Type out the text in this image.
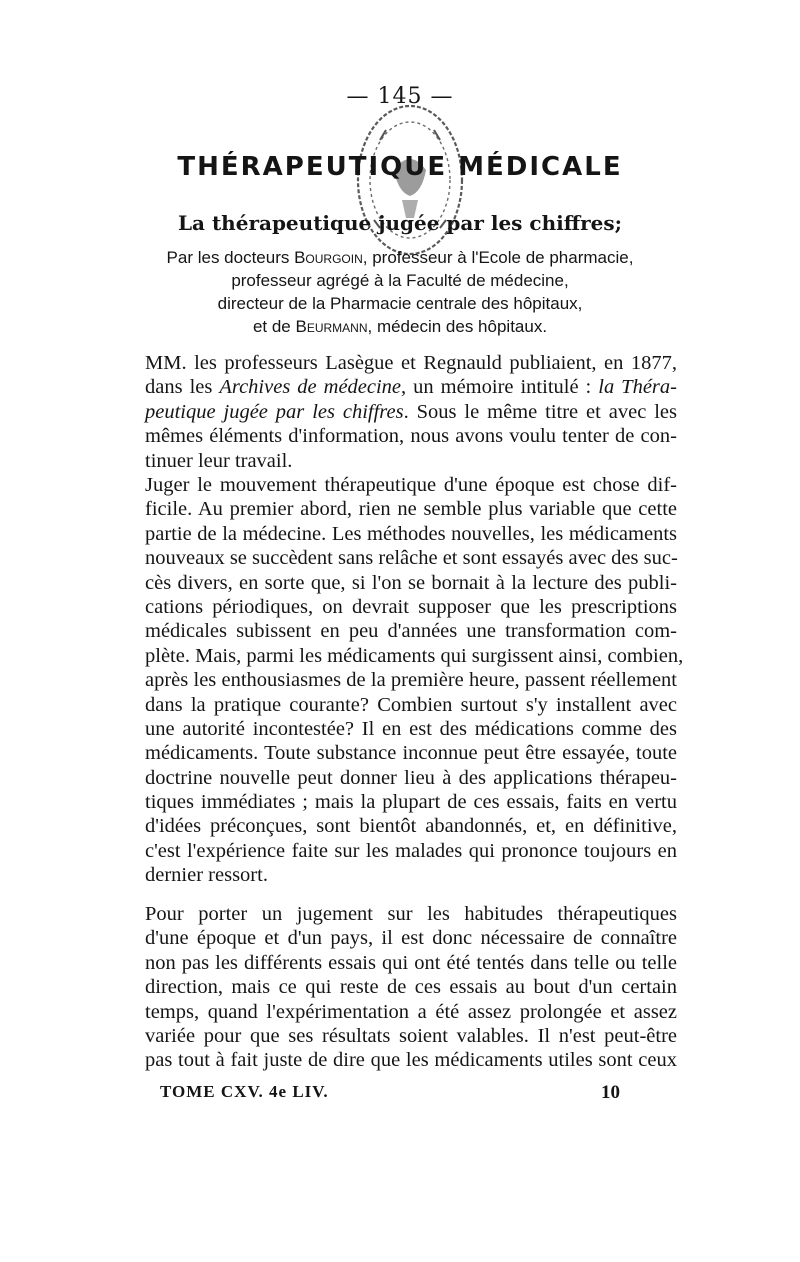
— 145 —
THÉRAPEUTIQUE MÉDICALE
La thérapeutique jugée par les chiffres;
Par les docteurs Bourgoin, professeur à l'Ecole de pharmacie,
professeur agrégé à la Faculté de médecine,
directeur de la Pharmacie centrale des hôpitaux,
et de Beurmann, médecin des hôpitaux.
MM. les professeurs Lasègue et Regnauld publiaient, en 1877,
dans les Archives de médecine, un mémoire intitulé : la Théra-
peutique jugée par les chiffres. Sous le même titre et avec les
mêmes éléments d'information, nous avons voulu tenter de con-
tinuer leur travail.
Juger le mouvement thérapeutique d'une époque est chose dif-
ficile. Au premier abord, rien ne semble plus variable que cette
partie de la médecine. Les méthodes nouvelles, les médicaments
nouveaux se succèdent sans relâche et sont essayés avec des suc-
cès divers, en sorte que, si l'on se bornait à la lecture des publi-
cations périodiques, on devrait supposer que les prescriptions
médicales subissent en peu d'années une transformation com-
plète. Mais, parmi les médicaments qui surgissent ainsi, combien,
après les enthousiasmes de la première heure, passent réellement
dans la pratique courante? Combien surtout s'y installent avec
une autorité incontestée? Il en est des médications comme des
médicaments. Toute substance inconnue peut être essayée, toute
doctrine nouvelle peut donner lieu à des applications thérapeu-
tiques immédiates ; mais la plupart de ces essais, faits en vertu
d'idées préconçues, sont bientôt abandonnés, et, en définitive,
c'est l'expérience faite sur les malades qui prononce toujours en
dernier ressort.
Pour porter un jugement sur les habitudes thérapeutiques
d'une époque et d'un pays, il est donc nécessaire de connaître
non pas les différents essais qui ont été tentés dans telle ou telle
direction, mais ce qui reste de ces essais au bout d'un certain
temps, quand l'expérimentation a été assez prolongée et assez
variée pour que ses résultats soient valables. Il n'est peut-être
pas tout à fait juste de dire que les médicaments utiles sont ceux
TOME CXV. 4e LIV.	10
